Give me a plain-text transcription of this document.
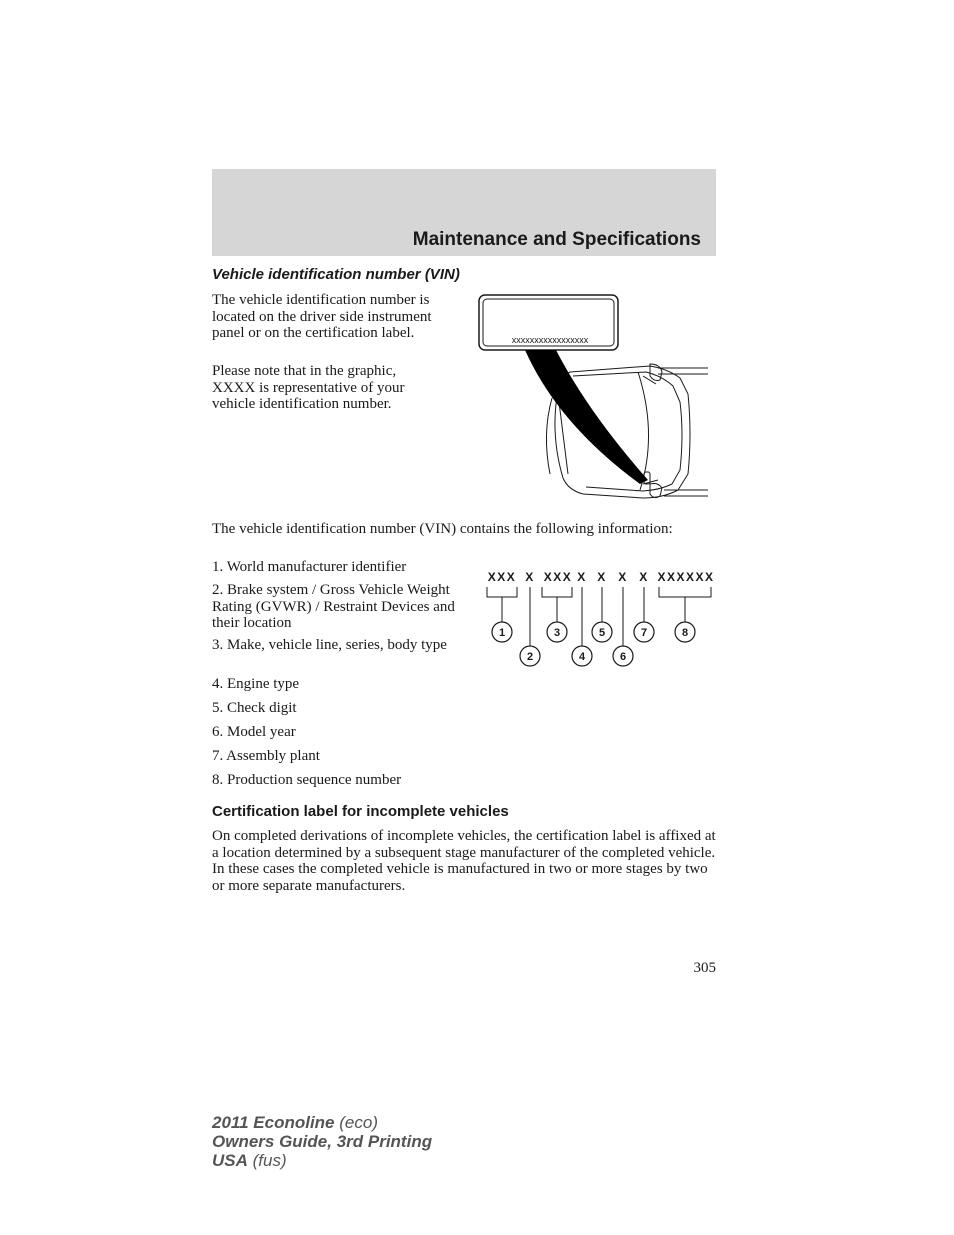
Maintenance and Specifications
Vehicle identification number (VIN)
The vehicle identification number is located on the driver side instrument panel or on the certification label.
Please note that in the graphic, XXXX is representative of your vehicle identification number.
xxxxxxxxxxxxxxxxx
The vehicle identification number (VIN) contains the following information:
1. World manufacturer identifier
2. Brake system / Gross Vehicle Weight Rating (GVWR) / Restraint Devices and their location
3. Make, vehicle line, series, body type
4. Engine type
5. Check digit
6. Model year
7. Assembly plant
8. Production sequence number
XXX X XXX X X X X XXXXXX
1
2
3
4
5
6
7	8
Certification label for incomplete vehicles
On completed derivations of incomplete vehicles, the certification label is affixed at a location determined by a subsequent stage manufacturer of the completed vehicle. In these cases the completed vehicle is manufactured in two or more stages by two or more separate manufacturers.
305
2011 Econoline (eco)
Owners Guide, 3rd Printing
USA (fus)
